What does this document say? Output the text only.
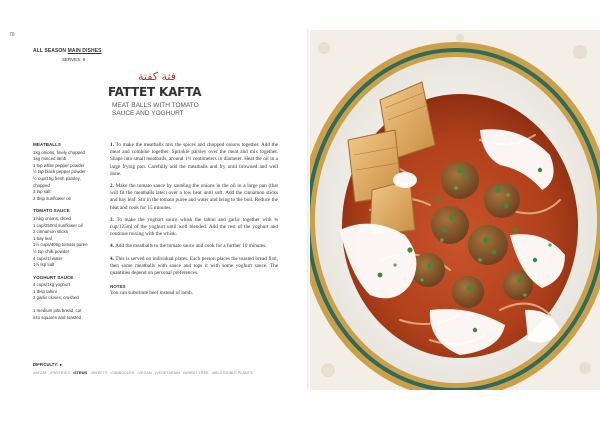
70
ALL SEASON MAIN DISHES
SERVES: 8
فتة كفتة
FATTET KAFTA
MEAT BALLS WITH TOMATO SAUCE AND YOGHURT
MEATBALLS
1kg onions, finely chopped
1kg minced lamb
1 tsp white pepper powder
½ tsp black pepper powder
½ cup/15g fresh parsley,
chopped
3 tsp salt
2 tbsp sunflower oil
TOMATO SAUCE
1½kg onions, diced
1 cup/250ml sunflower oil
2 cinnamon sticks
1 bay leaf
1½ cups/400g tomato puree
½ tsp chilli powder
4 cups/1l water
1½ tsp salt
YOGHURT SAUCE
4 cups/1kg yoghurt
1 tbsp tahini
2 garlic cloves, crushed
1 medium pita bread, cut
into squares and toasted
1. To make the meatballs mix the spices and chopped onions together. Add the meat and combine together. Sprinkle parsley over the meat and mix together. Shape into small meatballs, around 1½ centimeters in diameter. Heat the oil in a large frying pan. Carefully add the meatballs and fry until browned and well done.
2. Make the tomato sauce by sautéing the onions in the oil in a large pan (that will fit the meatballs later) over a low heat until soft. Add the cinnamon sticks and bay leaf. Stir in the tomato puree and water and bring to the boil. Reduce the heat and cook for 15 minutes.
3. To make the yoghurt sauce whisk the tahini and garlic together with ¾ cup/125ml of the yoghurt until well blended. Add the rest of the yoghurt and continue mixing with the whisk.
4. Add the meatballs to the tomato sauce and cook for a further 10 minutes.
4. This is served on individual plates. Each person places the toasted bread first, then some meatballs with sauce and tops it with some yoghurt sauce. The quantities depend on personal preferences.
NOTES
You can substitute beef instead of lamb.
DIFFICULTY: ●
•MEZZE •PASTRIES •STEWS •SWEETS •TABBOULEH •VEGAN •VEGETARIAN •WHEAT FREE •WILD EDIBLE PLANTS
